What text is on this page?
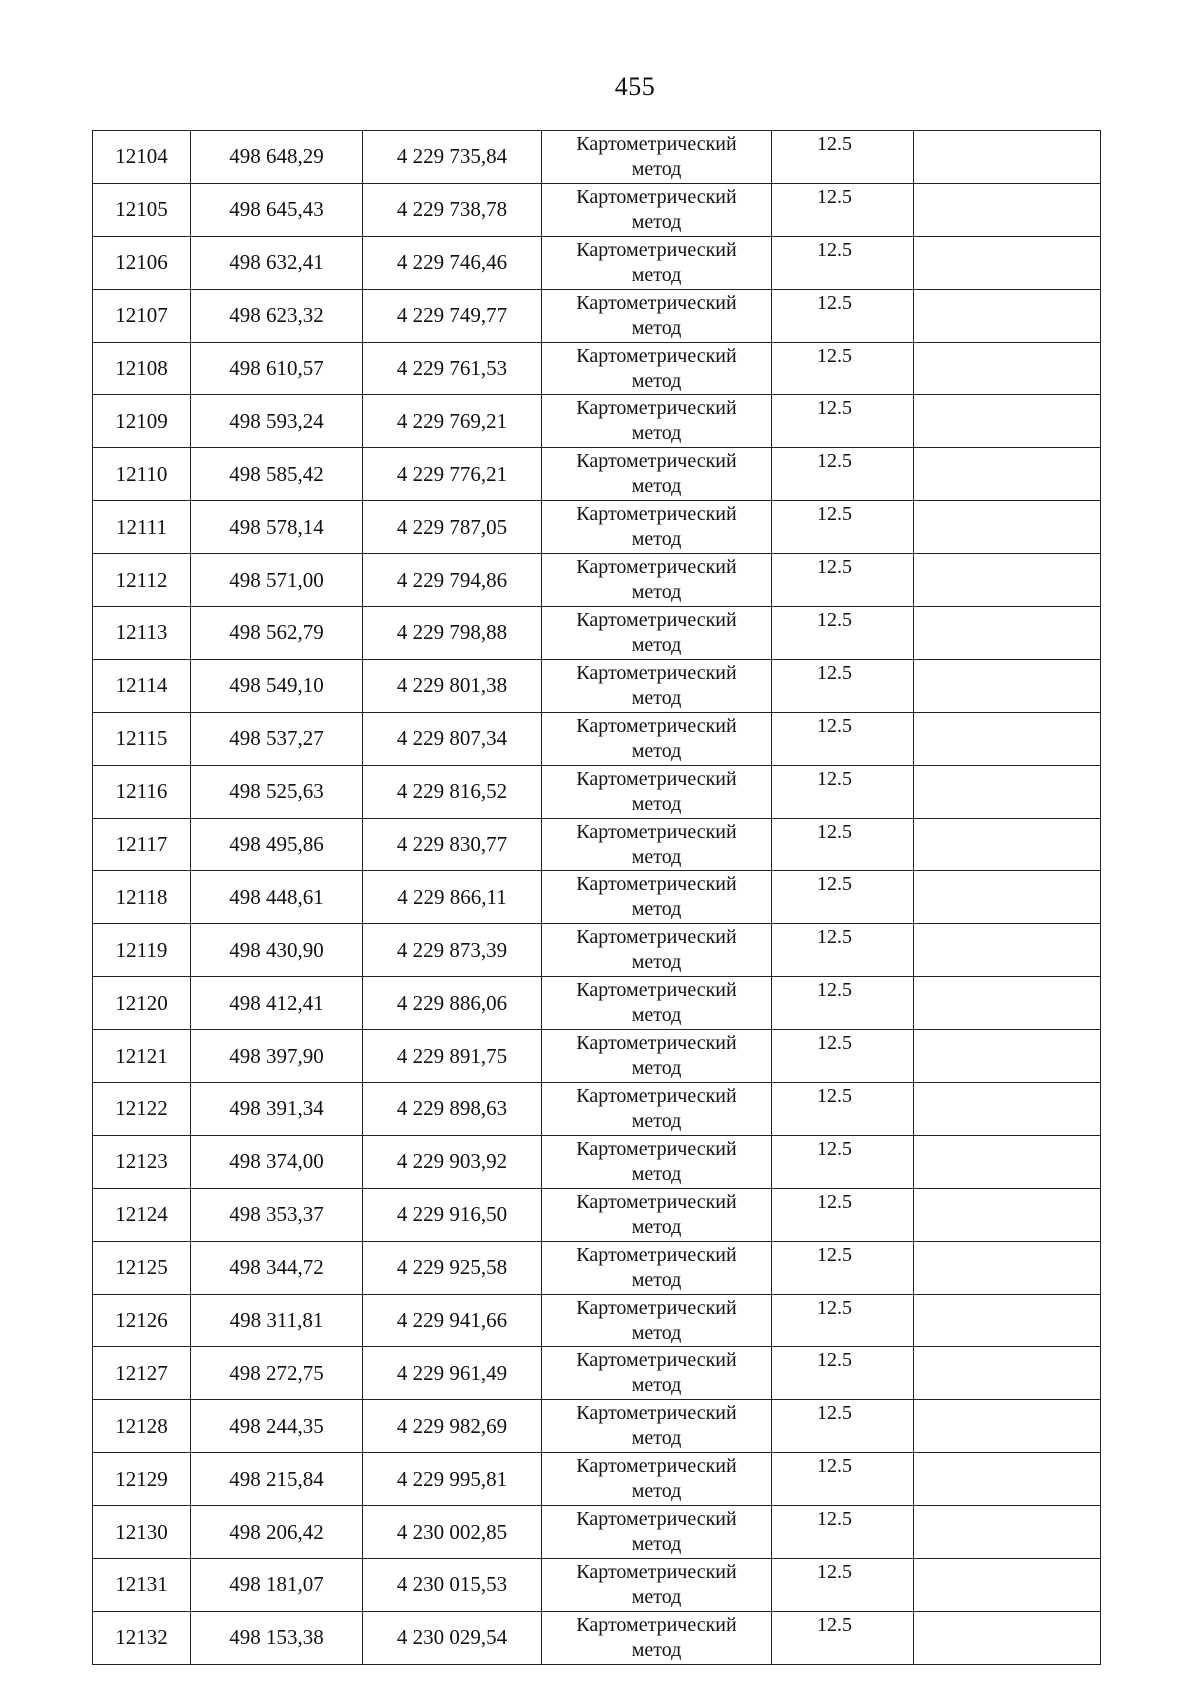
455
12104	498 648,29	4 229 735,84	Картометрический
метод	12.5	
12105	498 645,43	4 229 738,78	Картометрический
метод	12.5	
12106	498 632,41	4 229 746,46	Картометрический
метод	12.5	
12107	498 623,32	4 229 749,77	Картометрический
метод	12.5	
12108	498 610,57	4 229 761,53	Картометрический
метод	12.5	
12109	498 593,24	4 229 769,21	Картометрический
метод	12.5	
12110	498 585,42	4 229 776,21	Картометрический
метод	12.5	
12111	498 578,14	4 229 787,05	Картометрический
метод	12.5	
12112	498 571,00	4 229 794,86	Картометрический
метод	12.5	
12113	498 562,79	4 229 798,88	Картометрический
метод	12.5	
12114	498 549,10	4 229 801,38	Картометрический
метод	12.5	
12115	498 537,27	4 229 807,34	Картометрический
метод	12.5	
12116	498 525,63	4 229 816,52	Картометрический
метод	12.5	
12117	498 495,86	4 229 830,77	Картометрический
метод	12.5	
12118	498 448,61	4 229 866,11	Картометрический
метод	12.5	
12119	498 430,90	4 229 873,39	Картометрический
метод	12.5	
12120	498 412,41	4 229 886,06	Картометрический
метод	12.5	
12121	498 397,90	4 229 891,75	Картометрический
метод	12.5	
12122	498 391,34	4 229 898,63	Картометрический
метод	12.5	
12123	498 374,00	4 229 903,92	Картометрический
метод	12.5	
12124	498 353,37	4 229 916,50	Картометрический
метод	12.5	
12125	498 344,72	4 229 925,58	Картометрический
метод	12.5	
12126	498 311,81	4 229 941,66	Картометрический
метод	12.5	
12127	498 272,75	4 229 961,49	Картометрический
метод	12.5	
12128	498 244,35	4 229 982,69	Картометрический
метод	12.5	
12129	498 215,84	4 229 995,81	Картометрический
метод	12.5	
12130	498 206,42	4 230 002,85	Картометрический
метод	12.5	
12131	498 181,07	4 230 015,53	Картометрический
метод	12.5	
12132	498 153,38	4 230 029,54	Картометрический
метод	12.5	
